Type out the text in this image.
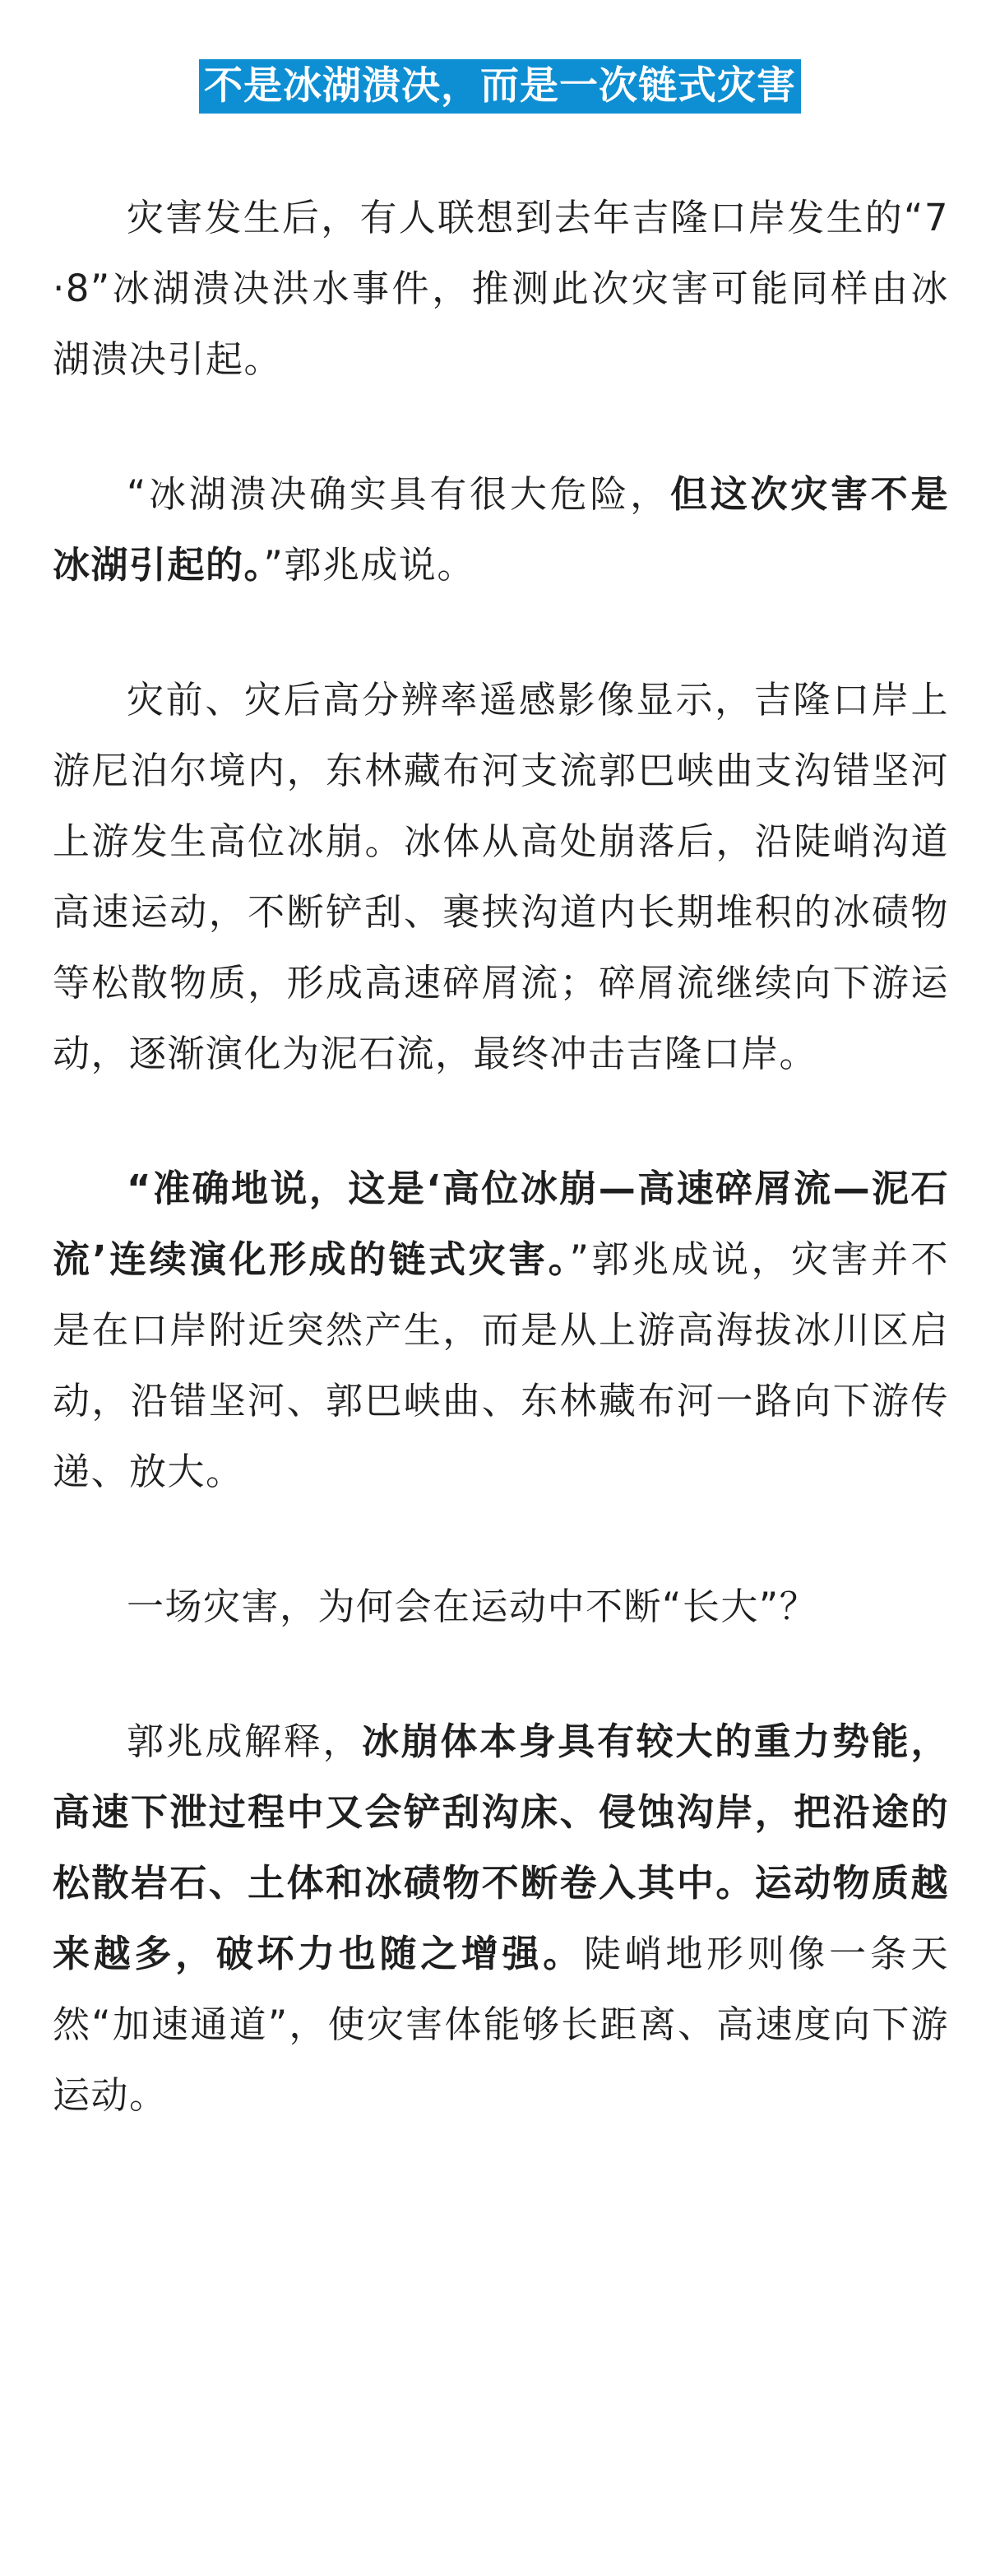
不是冰湖溃决，而是一次链式灾害

灾害发生后，有人联想到去年吉隆口岸发生的“7·8”冰湖溃决洪水事件，推测此次灾害可能同样由冰湖溃决引起。

“冰湖溃决确实具有很大危险，但这次灾害不是冰湖引起的。”郭兆成说。

灾前、灾后高分辨率遥感影像显示，吉隆口岸上游尼泊尔境内，东林藏布河支流郭巴峡曲支沟错坚河上游发生高位冰崩。冰体从高处崩落后，沿陡峭沟道高速运动，不断铲刮、裹挟沟道内长期堆积的冰碛物等松散物质，形成高速碎屑流；碎屑流继续向下游运动，逐渐演化为泥石流，最终冲击吉隆口岸。

“准确地说，这是‘高位冰崩—高速碎屑流—泥石流’连续演化形成的链式灾害。”郭兆成说，灾害并不是在口岸附近突然产生，而是从上游高海拔冰川区启动，沿错坚河、郭巴峡曲、东林藏布河一路向下游传递、放大。

一场灾害，为何会在运动中不断“长大”？

郭兆成解释，冰崩体本身具有较大的重力势能，高速下泄过程中又会铲刮沟床、侵蚀沟岸，把沿途的松散岩石、土体和冰碛物不断卷入其中。运动物质越来越多，破坏力也随之增强。陡峭地形则像一条天然“加速通道”，使灾害体能够长距离、高速度向下游运动。
